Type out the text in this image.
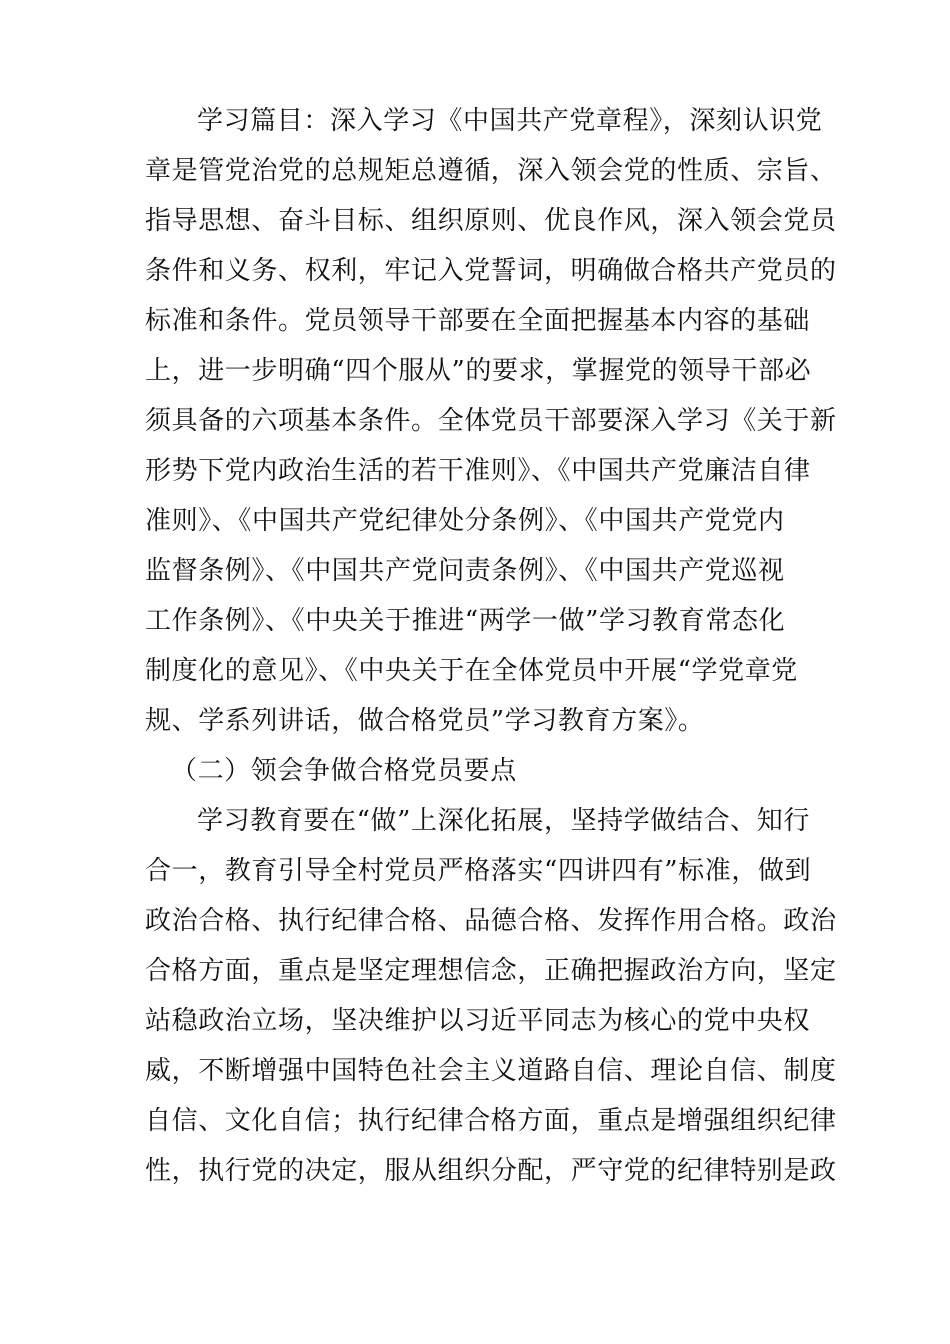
学习篇目：深入学习《中国共产党章程》，深刻认识党
章是管党治党的总规矩总遵循，深入领会党的性质、宗旨、
指导思想、奋斗目标、组织原则、优良作风，深入领会党员
条件和义务、权利，牢记入党誓词，明确做合格共产党员的
标准和条件。党员领导干部要在全面把握基本内容的基础
上，进一步明确“四个服从”的要求，掌握党的领导干部必
须具备的六项基本条件。全体党员干部要深入学习《关于新
形势下党内政治生活的若干准则》、《中国共产党廉洁自律
准则》、《中国共产党纪律处分条例》、《中国共产党党内
监督条例》、《中国共产党问责条例》、《中国共产党巡视
工作条例》、《中央关于推进“两学一做”学习教育常态化
制度化的意见》、《中央关于在全体党员中开展“学党章党
规、学系列讲话，做合格党员”学习教育方案》。
（二）领会争做合格党员要点
学习教育要在“做”上深化拓展，坚持学做结合、知行
合一，教育引导全村党员严格落实“四讲四有”标准，做到
政治合格、执行纪律合格、品德合格、发挥作用合格。政治
合格方面，重点是坚定理想信念，正确把握政治方向，坚定
站稳政治立场，坚决维护以习近平同志为核心的党中央权
威，不断增强中国特色社会主义道路自信、理论自信、制度
自信、文化自信；执行纪律合格方面，重点是增强组织纪律
性，执行党的决定，服从组织分配，严守党的纪律特别是政
